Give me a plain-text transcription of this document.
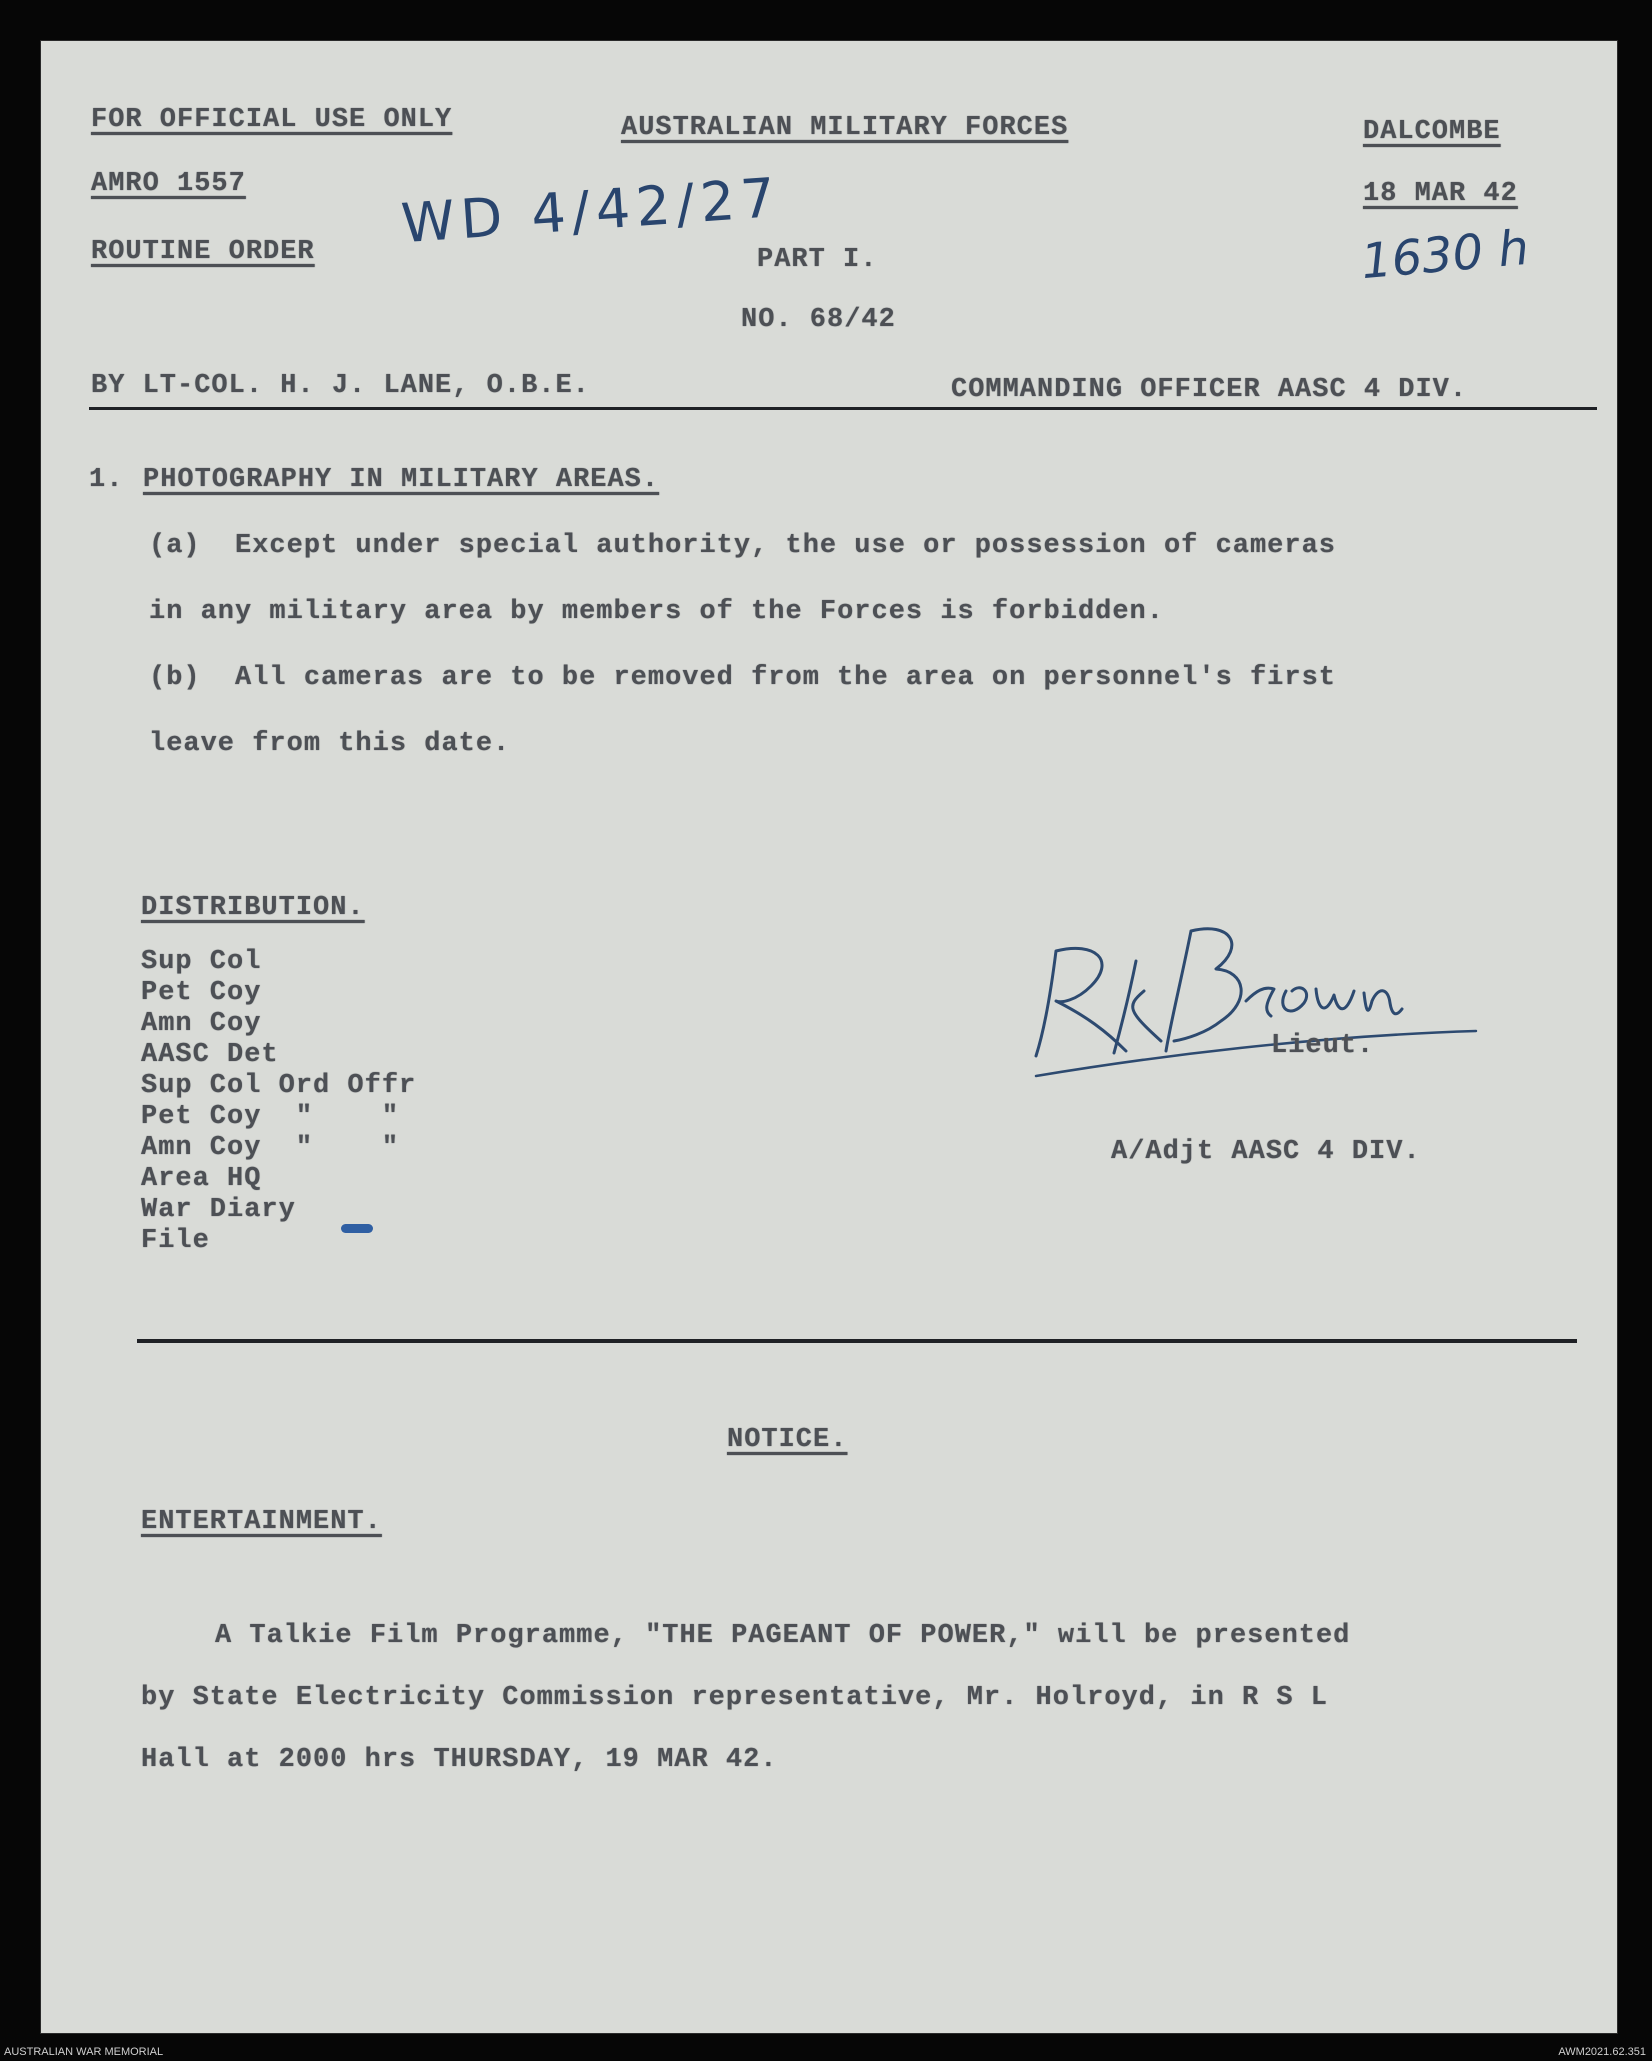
FOR OFFICIAL USE ONLY	AUSTRALIAN MILITARY FORCES	DALCOMBE
AMRO 1557	18 MAR 42
ROUTINE ORDER	PART I.
NO. 68/42
BY LT-COL. H. J. LANE, O.B.E.	COMMANDING OFFICER AASC 4 DIV.
WD 4/42/27	1630 h
1. PHOTOGRAPHY IN MILITARY AREAS.
(a)  Except under special authority, the use or possession of cameras
in any military area by members of the Forces is forbidden.
(b)  All cameras are to be removed from the area on personnel's first
leave from this date.
DISTRIBUTION.
Sup Col
Pet Coy
Amn Coy
AASC Det
Sup Col Ord Offr
Pet Coy  "    "
Amn Coy  "    "
Area HQ
War Diary
File
Lieut.
A/Adjt AASC 4 DIV.
NOTICE.
ENTERTAINMENT.
A Talkie Film Programme, "THE PAGEANT OF POWER," will be presented
by State Electricity Commission representative, Mr. Holroyd, in R S L
Hall at 2000 hrs THURSDAY, 19 MAR 42.
AUSTRALIAN WAR MEMORIAL	AWM2021.62.351
